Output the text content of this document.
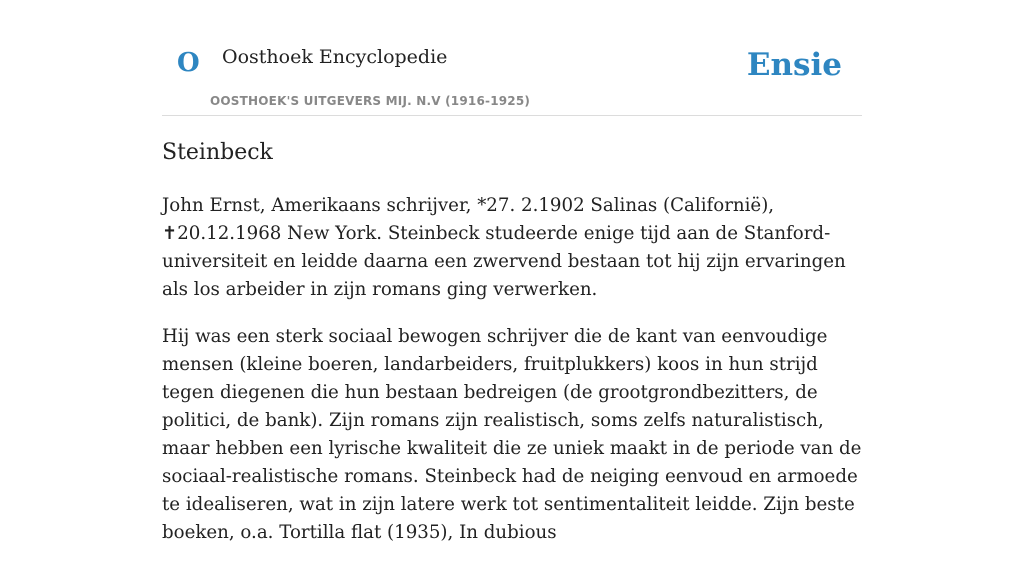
O Oosthoek Encyclopedie
OOSTHOEK'S UITGEVERS MIJ. N.V (1916-1925)
Ensie
Steinbeck

John Ernst, Amerikaans schrijver, *27. 2.1902 Salinas (Californië), ✝20.12.1968 New York. Steinbeck studeerde enige tijd aan de Stanford-universiteit en leidde daarna een zwervend bestaan tot hij zijn ervaringen als los arbeider in zijn romans ging verwerken.

Hij was een sterk sociaal bewogen schrijver die de kant van eenvoudige mensen (kleine boeren, landarbeiders, fruitplukkers) koos in hun strijd tegen diegenen die hun bestaan bedreigen (de grootgrondbezitters, de politici, de bank). Zijn romans zijn realistisch, soms zelfs naturalistisch, maar hebben een lyrische kwaliteit die ze uniek maakt in de periode van de sociaal-realistische romans. Steinbeck had de neiging eenvoud en armoede te idealiseren, wat in zijn latere werk tot sentimentaliteit leidde. Zijn beste boeken, o.a. Tortilla flat (1935), In dubious
